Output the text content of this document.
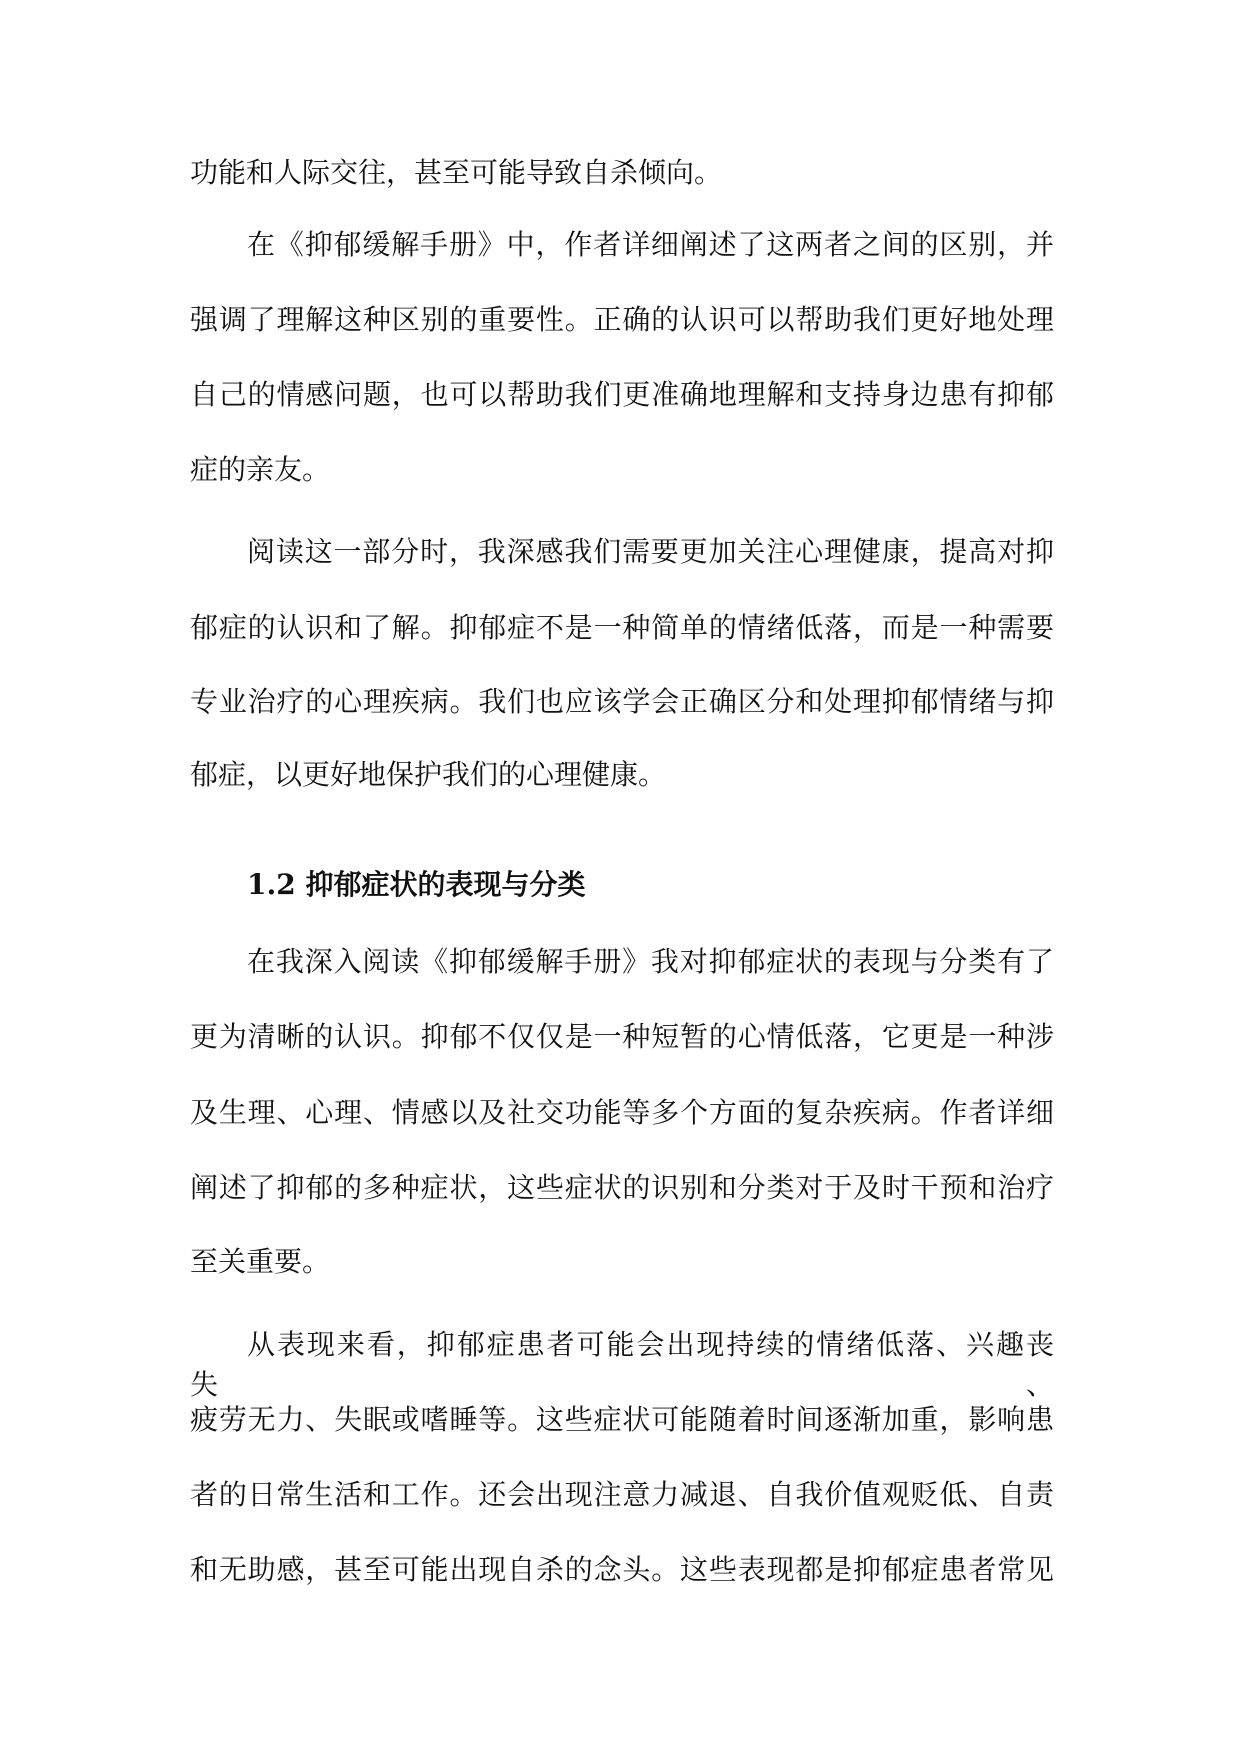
功能和人际交往，甚至可能导致自杀倾向。
在《抑郁缓解手册》中，作者详细阐述了这两者之间的区别，并
强调了理解这种区别的重要性。正确的认识可以帮助我们更好地处理
自己的情感问题，也可以帮助我们更准确地理解和支持身边患有抑郁
症的亲友。
阅读这一部分时，我深感我们需要更加关注心理健康，提高对抑
郁症的认识和了解。抑郁症不是一种简单的情绪低落，而是一种需要
专业治疗的心理疾病。我们也应该学会正确区分和处理抑郁情绪与抑
郁症，以更好地保护我们的心理健康。
1.2 抑郁症状的表现与分类
在我深入阅读《抑郁缓解手册》我对抑郁症状的表现与分类有了
更为清晰的认识。抑郁不仅仅是一种短暂的心情低落，它更是一种涉
及生理、心理、情感以及社交功能等多个方面的复杂疾病。作者详细
阐述了抑郁的多种症状，这些症状的识别和分类对于及时干预和治疗
至关重要。
从表现来看，抑郁症患者可能会出现持续的情绪低落、兴趣丧失、
疲劳无力、失眠或嗜睡等。这些症状可能随着时间逐渐加重，影响患
者的日常生活和工作。还会出现注意力减退、自我价值观贬低、自责
和无助感，甚至可能出现自杀的念头。这些表现都是抑郁症患者常见
